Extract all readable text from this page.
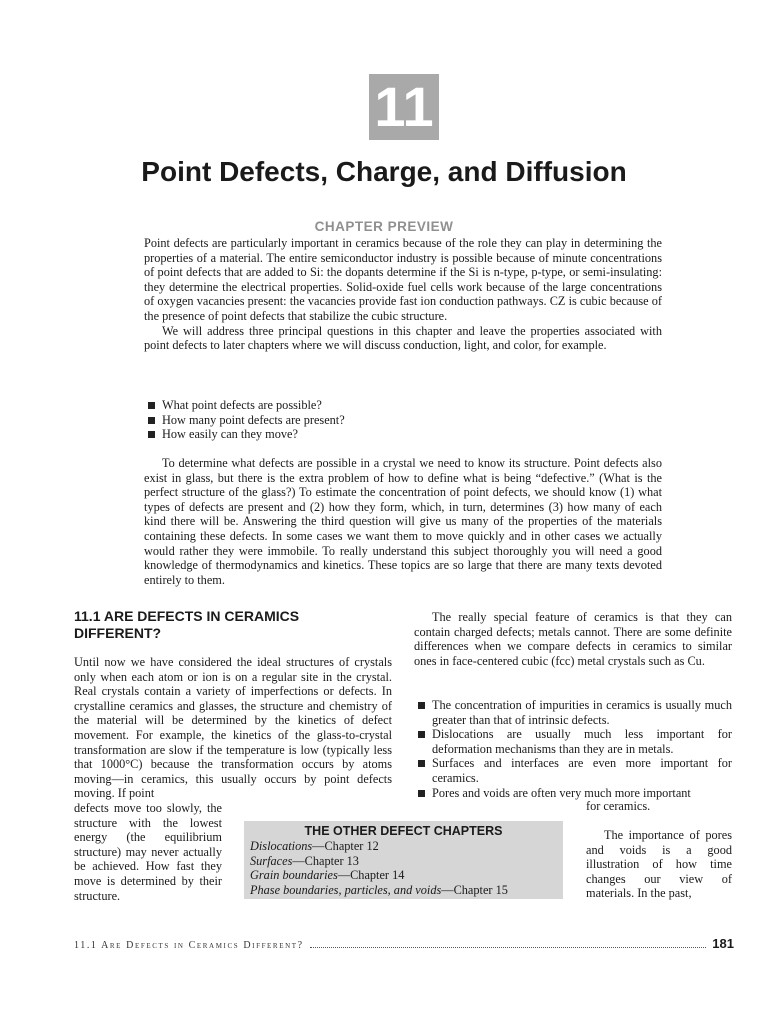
11
Point Defects, Charge, and Diffusion
CHAPTER PREVIEW

Point defects are particularly important in ceramics because of the role they can play in determining the properties of a material. The entire semiconductor industry is possible because of minute concentrations of point defects that are added to Si: the dopants determine if the Si is n-type, p-type, or semi-insulating: they determine the electrical properties. Solid-oxide fuel cells work because of the large concentrations of oxygen vacancies present: the vacancies provide fast ion conduction pathways. CZ is cubic because of the presence of point defects that stabilize the cubic structure.

We will address three principal questions in this chapter and leave the properties associated with point defects to later chapters where we will discuss conduction, light, and color, for example.

What point defects are possible?
How many point defects are present?
How easily can they move?

To determine what defects are possible in a crystal we need to know its structure. Point defects also exist in glass, but there is the extra problem of how to define what is being “defective.” (What is the perfect structure of the glass?) To estimate the concentration of point defects, we should know (1) what types of defects are present and (2) how they form, which, in turn, determines (3) how many of each kind there will be. Answering the third question will give us many of the properties of the materials containing these defects. In some cases we want them to move quickly and in other cases we actually would rather they were immobile. To really understand this subject thoroughly you will need a good knowledge of thermodynamics and kinetics. These topics are so large that there are many texts devoted entirely to them.

11.1 ARE DEFECTS IN CERAMICS
DIFFERENT?

Until now we have considered the ideal structures of crystals only when each atom or ion is on a regular site in the crystal. Real crystals contain a variety of imperfections or defects. In crystalline ceramics and glasses, the structure and chemistry of the material will be determined by the kinetics of defect movement. For example, the kinetics of the glass-to-crystal transformation are slow if the temperature is low (typically less that 1000°C) because the transformation occurs by atoms moving—in ceramics, this usually occurs by point defects moving. If point

defects move too slowly, the structure with the lowest energy (the equilibrium structure) may never actually be achieved. How fast they move is determined by their structure.

The really special feature of ceramics is that they can contain charged defects; metals cannot. There are some definite differences when we compare defects in ceramics to similar ones in face-centered cubic (fcc) metal crystals such as Cu.

The concentration of impurities in ceramics is usually much greater than that of intrinsic defects.
Dislocations are usually much less important for deformation mechanisms than they are in metals.
Surfaces and interfaces are even more important for ceramics.
Pores and voids are often very much more important

for ceramics.

The importance of pores and voids is a good illustration of how time changes our view of materials. In the past,

THE OTHER DEFECT CHAPTERS
Dislocations—Chapter 12
Surfaces—Chapter 13
Grain boundaries—Chapter 14
Phase boundaries, particles, and voids—Chapter 15
11.1 Are Defects in Ceramics Different?	181
